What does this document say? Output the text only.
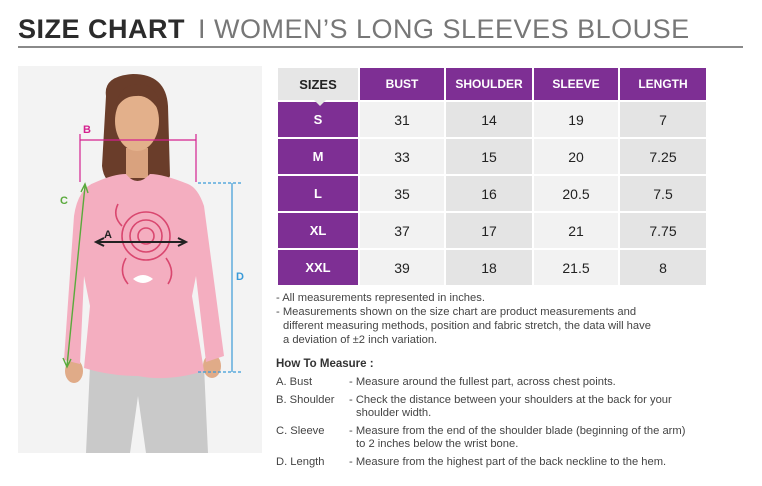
SIZE CHART I WOMEN’S LONG SLEEVES BLOUSE
B
A
C
D
SIZES	BUST	SHOULDER	SLEEVE	LENGTH
S	31	14	19	7
M	33	15	20	7.25
L	35	16	20.5	7.5
XL	37	17	21	7.75
XXL	39	18	21.5	8
- All measurements represented in inches.
- Measurements shown on the size chart are product measurements and
different measuring methods, position and fabric stretch, the data will have
a deviation of ±2 inch variation.
How To Measure :
A. Bust	- Measure around the fullest part, across chest points.
B. Shoulder - Check the distance between your shoulders at the back for your
shoulder width.
C. Sleeve - Measure from the end of the shoulder blade (beginning of the arm)
to 2 inches below the wrist bone.
D. Length - Measure from the highest part of the back neckline to the hem.
